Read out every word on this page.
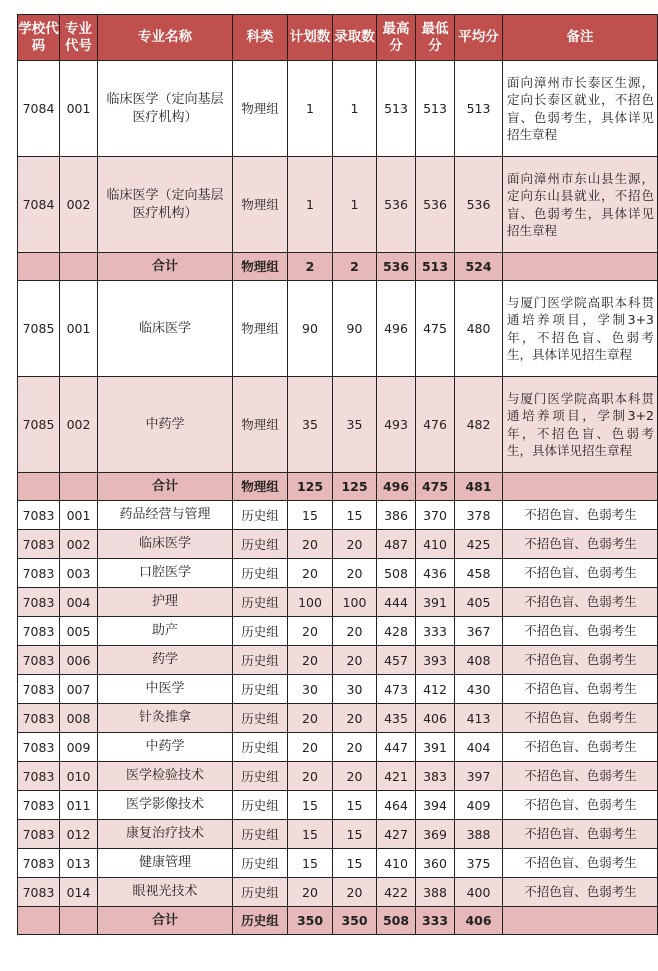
学校代码	专业代号	专业名称	科类	计划数	录取数	最高分	最低分	平均分	备注
7084	001	临床医学（定向基层医疗机构）	物理组	1	1	513	513	513	面向漳州市长泰区生源，定向长泰区就业，不招色盲、色弱考生，具体详见招生章程
7084	002	临床医学（定向基层医疗机构）	物理组	1	1	536	536	536	面向漳州市东山县生源，定向东山县就业，不招色盲、色弱考生，具体详见招生章程
		合计	物理组	2	2	536	513	524	
7085	001	临床医学	物理组	90	90	496	475	480	与厦门医学院高职本科贯通培养项目，学制3+3年，不招色盲、色弱考生，具体详见招生章程
7085	002	中药学	物理组	35	35	493	476	482	与厦门医学院高职本科贯通培养项目，学制3+2年，不招色盲、色弱考生，具体详见招生章程
		合计	物理组	125	125	496	475	481	
7083	001	药品经营与管理	历史组	15	15	386	370	378	不招色盲、色弱考生
7083	002	临床医学	历史组	20	20	487	410	425	不招色盲、色弱考生
7083	003	口腔医学	历史组	20	20	508	436	458	不招色盲、色弱考生
7083	004	护理	历史组	100	100	444	391	405	不招色盲、色弱考生
7083	005	助产	历史组	20	20	428	333	367	不招色盲、色弱考生
7083	006	药学	历史组	20	20	457	393	408	不招色盲、色弱考生
7083	007	中医学	历史组	30	30	473	412	430	不招色盲、色弱考生
7083	008	针灸推拿	历史组	20	20	435	406	413	不招色盲、色弱考生
7083	009	中药学	历史组	20	20	447	391	404	不招色盲、色弱考生
7083	010	医学检验技术	历史组	20	20	421	383	397	不招色盲、色弱考生
7083	011	医学影像技术	历史组	15	15	464	394	409	不招色盲、色弱考生
7083	012	康复治疗技术	历史组	15	15	427	369	388	不招色盲、色弱考生
7083	013	健康管理	历史组	15	15	410	360	375	不招色盲、色弱考生
7083	014	眼视光技术	历史组	20	20	422	388	400	不招色盲、色弱考生
		合计	历史组	350	350	508	333	406	
